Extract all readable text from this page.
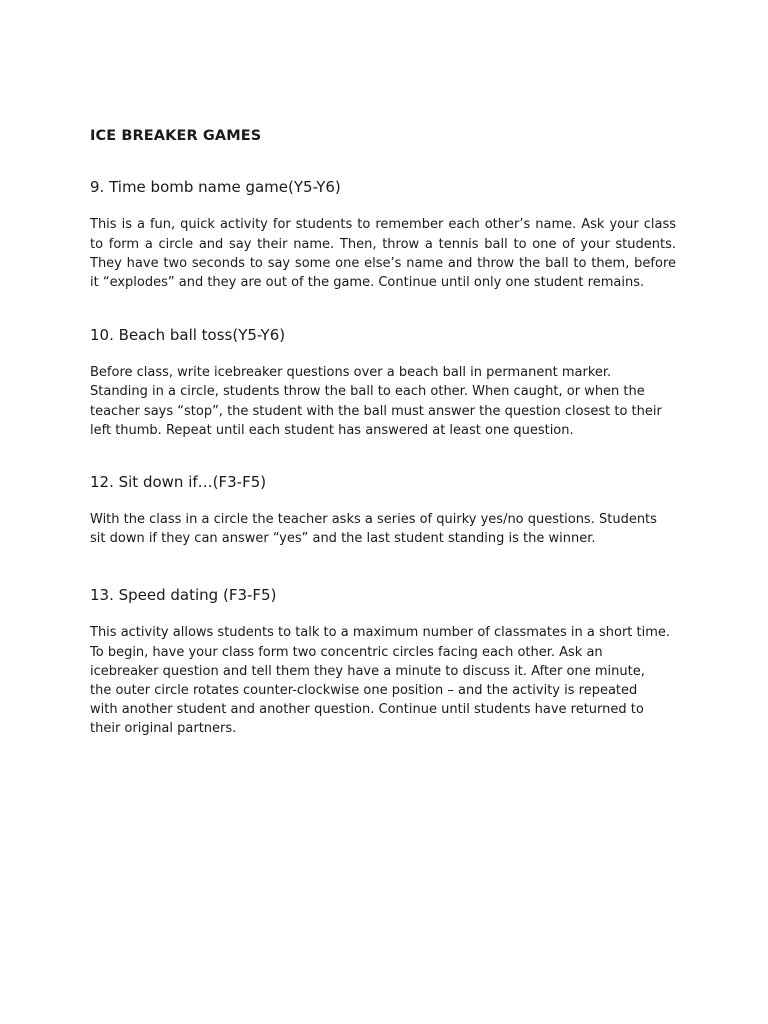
ICE BREAKER GAMES
9. Time bomb name game(Y5-Y6)

This is a fun, quick activity for students to remember each other’s name. Ask your class to form a circle and say their name. Then, throw a tennis ball to one of your students. They have two seconds to say some one else’s name and throw the ball to them, before it “explodes” and they are out of the game. Continue until only one student remains.

10. Beach ball toss(Y5-Y6)

Before class, write icebreaker questions over a beach ball in permanent marker.
Standing in a circle, students throw the ball to each other. When caught, or when the
teacher says “stop”, the student with the ball must answer the question closest to their
left thumb. Repeat until each student has answered at least one question.

12. Sit down if…(F3-F5)

With the class in a circle the teacher asks a series of quirky yes/no questions. Students
sit down if they can answer “yes” and the last student standing is the winner.

13. Speed dating (F3-F5)

This activity allows students to talk to a maximum number of classmates in a short time.
To begin, have your class form two concentric circles facing each other. Ask an
icebreaker question and tell them they have a minute to discuss it. After one minute,
the outer circle rotates counter-clockwise one position – and the activity is repeated
with another student and another question. Continue until students have returned to
their original partners.
